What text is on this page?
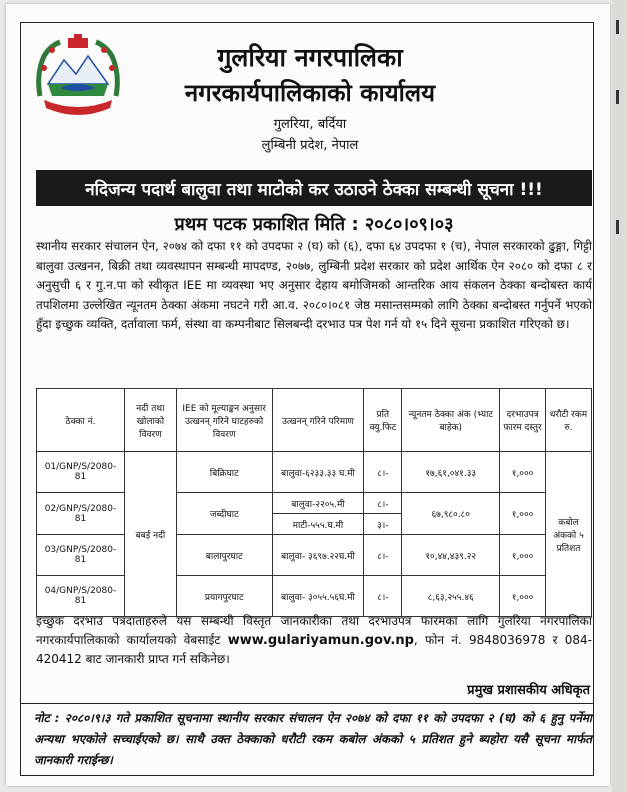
गुलरिया नगरपालिका
नगरकार्यपालिकाको कार्यालय
गुलरिया, बर्दिया
लुम्बिनी प्रदेश, नेपाल
नदिजन्य पदार्थ बालुवा तथा माटोको कर उठाउने ठेक्का सम्बन्धी सूचना !!!
प्रथम पटक प्रकाशित मिति : २०८०।०९।०३
स्थानीय सरकार संचालन ऐन, २०७४ को दफा ११ को उपदफा २ (घ) को (६), दफा ६४ उपदफा १ (च), नेपाल सरकारको ढुङ्गा, गिट्टी बालुवा उत्खनन, बिक्री तथा व्यवस्थापन सम्बन्धी मापदण्ड, २०७७, लुम्बिनी प्रदेश सरकार को प्रदेश आर्थिक ऐन २०८० को दफा ८ र अनुसुची ६ र गु.न.पा को स्वीकृत IEE मा व्यवस्था भए अनुसार देहाय बमोजिमको आन्तरिक आय संकलन ठेक्का बन्दोबस्त कार्य तपशिलमा उल्लेखित न्यूनतम ठेक्का अंकमा नघटने गरी आ.व. २०८०।०८१ जेष्ठ मसान्तसम्मको लागि ठेक्का बन्दोबस्त गर्नुपर्ने भएको हुँदा इच्छुक व्यक्ति, दर्तावाला फर्म, संस्था वा कम्पनीबाट सिलबन्दी दरभाउ पत्र पेश गर्न यो १५ दिने सूचना प्रकाशित गरिएको छ।
ठेक्का नं.	नदी तथा खोलाको विवरण	IEE को मूल्याङ्कन अनुसार उत्खनन् गरिने घाटहरुको विवरण	उत्खनन् गरिने परिमाण	प्रति क्यु.फिट	न्यूनतम ठेक्का अंक (भ्याट बाहेक)	दरभाउपत्र फारम दस्तुर	धरौटी रकम रु.
01/GNP/S/2080-81	बबई नदी	बिक्रिघाट	बालुवा-६२३३.३३ घ.मी	८।-	१७,६१,०४१.३३	१,०००	कबोल अंकको ५ प्रतिशत
02/GNP/S/2080-81		जब्दीघाट	बालुवा-२२०५.मी	८।-	६७,९८०.८०	१,०००	
			माटी-५५५.घ.मी	३।-			
03/GNP/S/2080-81		बालापुरघाट	बालुवा- ३६९७.२२घ.मी	८।-	१०,४४,४३९.२२	१,०००	
04/GNP/S/2080-81		प्रयागपुरघाट	बालुवा- ३०५५.५६घ.मी	८।-	८,६३,२५५.४६	१,०००	
इच्छुक दरभाउ पत्रदाताहरुले यस सम्बन्धी विस्तृत जानकारीका तथा दरभाउपत्र फारमका लागि गुलरिया नगरपालिका नगरकार्यपालिकाको कार्यालयको वेबसाईट www.gulariyamun.gov.np, फोन नं. 9848036978 र 084-420412 बाट जानकारी प्राप्त गर्न सकिनेछ।
प्रमुख प्रशासकीय अधिकृत
नोट : २०८०।९।३ गते प्रकाशित सूचनामा स्थानीय सरकार संचालन ऐन २०७४ को दफा ११ को उपदफा २ (घ) को ६ हुनु पर्नेमा अन्यथा भएकोले सच्चाईएको छ। साथै उक्त ठेक्काको धरौटी रकम कबोल अंकको ५ प्रतिशत हुने ब्यहोरा यसै सूचना मार्फत जानकारी गराईन्छ।
